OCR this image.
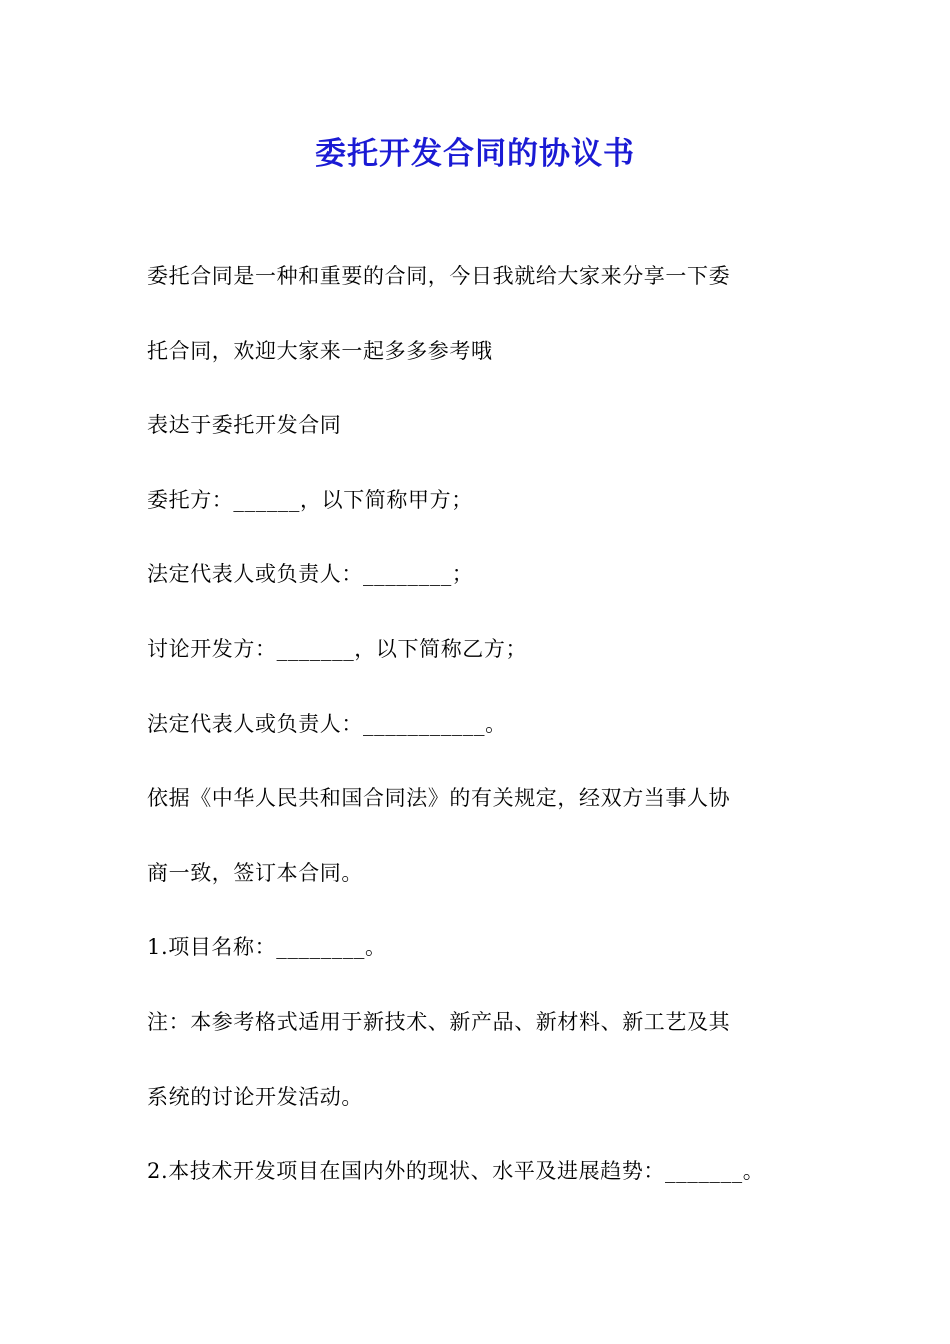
委托开发合同的协议书
委托合同是一种和重要的合同，今日我就给大家来分享一下委
托合同，欢迎大家来一起多多参考哦
表达于委托开发合同
委托方：______，以下简称甲方；
法定代表人或负责人：________；
讨论开发方：_______，以下简称乙方；
法定代表人或负责人：___________。
依据《中华人民共和国合同法》的有关规定，经双方当事人协
商一致，签订本合同。
1.项目名称：________。
注：本参考格式适用于新技术、新产品、新材料、新工艺及其
系统的讨论开发活动。
2.本技术开发项目在国内外的现状、水平及进展趋势：_______。
